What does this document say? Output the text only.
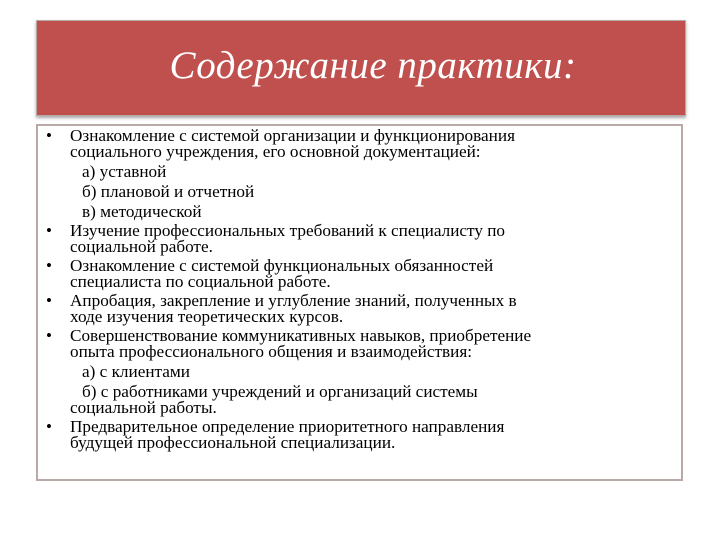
Содержание практики:
•	Ознакомление с системой организации и функционирования
социального учреждения, его основной документацией:
а) уставной
б) плановой и отчетной
в) методической
•	Изучение профессиональных требований к специалисту по
социальной работе.
•	Ознакомление с системой функциональных обязанностей
специалиста по социальной работе.
•	Апробация, закрепление и углубление знаний, полученных в
ходе изучения теоретических курсов.
•	Совершенствование коммуникативных навыков, приобретение
опыта профессионального общения и взаимодействия:
а) с клиентами
б) с работниками учреждений и организаций системы
социальной работы.
•	Предварительное определение приоритетного направления
будущей профессиональной специализации.
